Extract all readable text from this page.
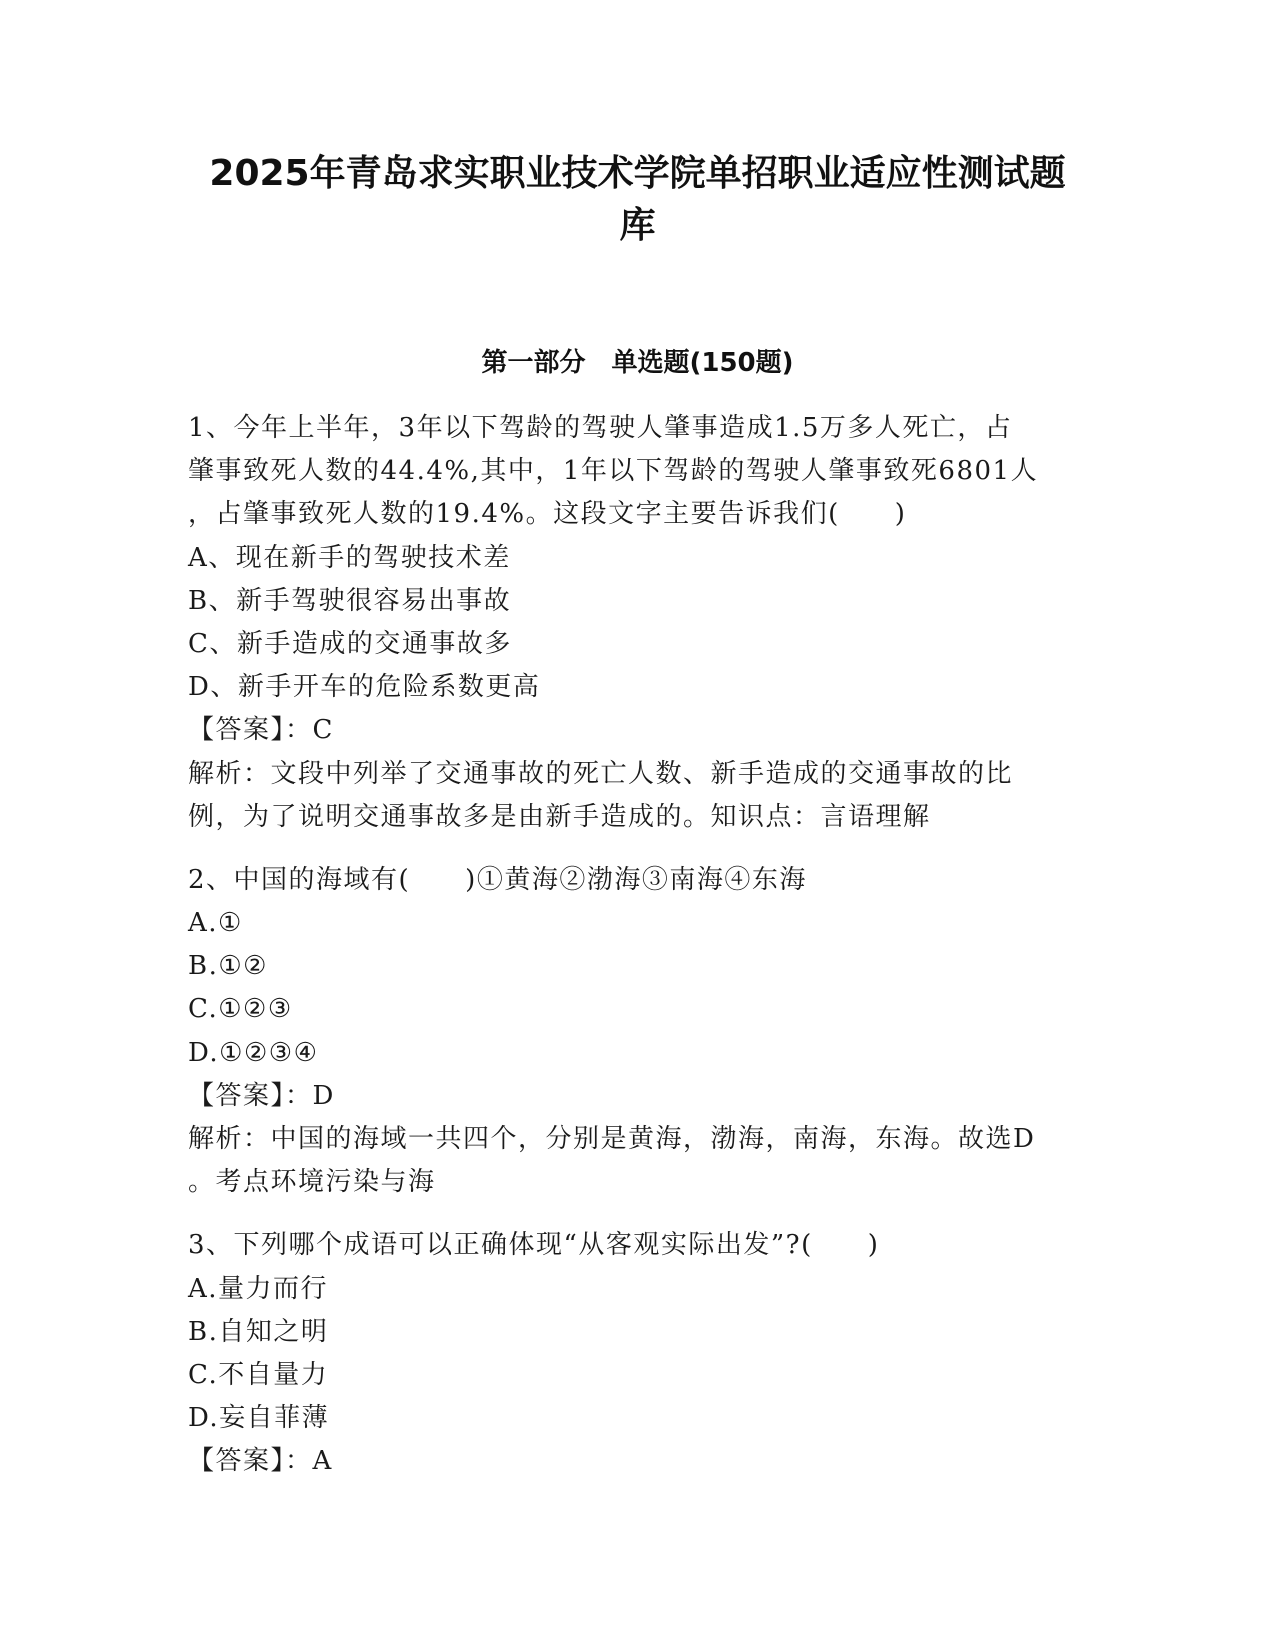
2025年青岛求实职业技术学院单招职业适应性测试题
库
第一部分　单选题(150题)
1、今年上半年，3年以下驾龄的驾驶人肇事造成1.5万多人死亡，占
肇事致死人数的44.4%,其中，1年以下驾龄的驾驶人肇事致死6801人
，占肇事致死人数的19.4%。这段文字主要告诉我们(　　)
A、现在新手的驾驶技术差
B、新手驾驶很容易出事故
C、新手造成的交通事故多
D、新手开车的危险系数更高
【答案】：C
解析：文段中列举了交通事故的死亡人数、新手造成的交通事故的比
例，为了说明交通事故多是由新手造成的。知识点：言语理解
2、中国的海域有(　　)①黄海②渤海③南海④东海
A.①
B.①②
C.①②③
D.①②③④
【答案】：D
解析：中国的海域一共四个，分别是黄海，渤海，南海，东海。故选D
。考点环境污染与海
3、下列哪个成语可以正确体现“从客观实际出发”?(　　)
A.量力而行
B.自知之明
C.不自量力
D.妄自菲薄
【答案】：A
